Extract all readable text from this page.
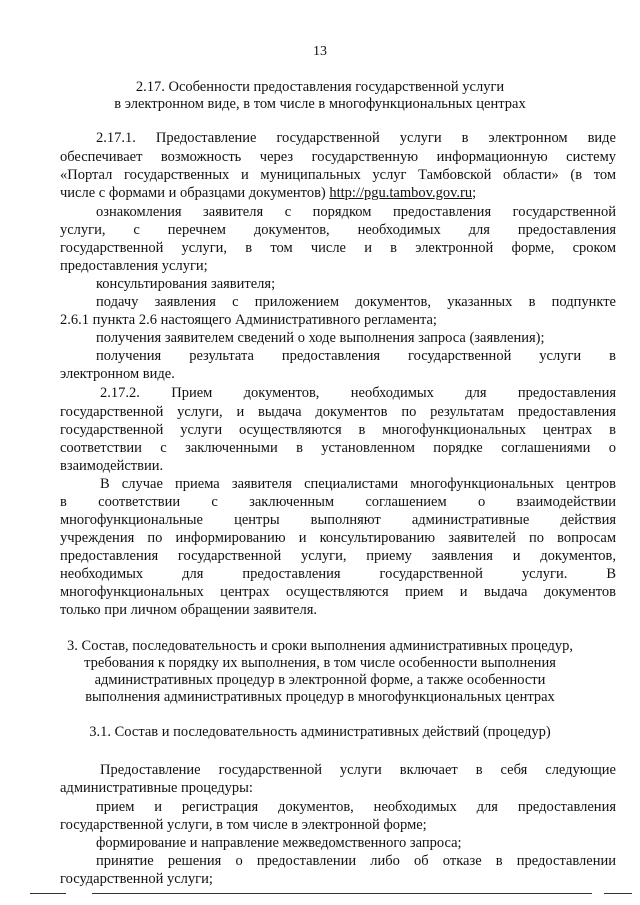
13
2.17. Особенности предоставления государственной услуги
в электронном виде, в том числе в многофункциональных центрах
2.17.1. Предоставление государственной услуги в электронном виде
обеспечивает возможность через государственную информационную систему
«Портал государственных и муниципальных услуг Тамбовской области» (в том
числе с формами и образцами документов) http://pgu.tambov.gov.ru;
ознакомления заявителя с порядком предоставления государственной
услуги, с перечнем документов, необходимых для предоставления
государственной услуги, в том числе и в электронной форме, сроком
предоставления услуги;
консультирования заявителя;
подачу заявления с приложением документов, указанных в подпункте
2.6.1 пункта 2.6 настоящего Административного регламента;
получения заявителем сведений о ходе выполнения запроса (заявления);
получения результата предоставления государственной услуги в
электронном виде.
2.17.2. Прием документов, необходимых для предоставления
государственной услуги, и выдача документов по результатам предоставления
государственной услуги осуществляются в многофункциональных центрах в
соответствии с заключенными в установленном порядке соглашениями о
взаимодействии.
В случае приема заявителя специалистами многофункциональных центров
в соответствии с заключенным соглашением о взаимодействии
многофункциональные центры выполняют административные действия
учреждения по информированию и консультированию заявителей по вопросам
предоставления государственной услуги, приему заявления и документов,
необходимых для предоставления государственной услуги. В
многофункциональных центрах осуществляются прием и выдача документов
только при личном обращении заявителя.
3. Состав, последовательность и сроки выполнения административных процедур,
требования к порядку их выполнения, в том числе особенности выполнения
административных процедур в электронной форме, а также особенности
выполнения административных процедур в многофункциональных центрах
3.1. Состав и последовательность административных действий (процедур)
Предоставление государственной услуги включает в себя следующие
административные процедуры:
прием и регистрация документов, необходимых для предоставления
государственной услуги, в том числе в электронной форме;
формирование и направление межведомственного запроса;
принятие решения о предоставлении либо об отказе в предоставлении
государственной услуги;
